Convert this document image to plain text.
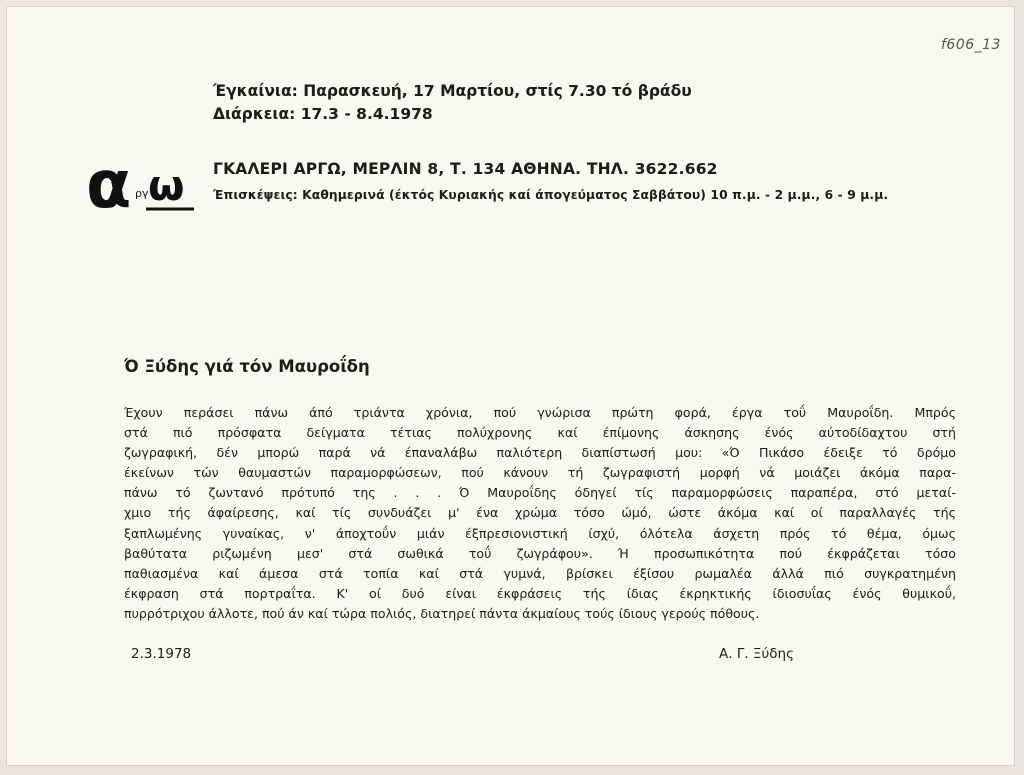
f606_13
Έγκαίνια: Παρασκευή, 17 Μαρτίου, στίς 7.30 τό βράδυ
Διάρκεια: 17.3 - 8.4.1978
α ργ ω ΓΚΑΛΕΡΙ ΑΡΓΩ, ΜΕΡΛΙΝ 8, Τ. 134 ΑΘΗΝΑ. ΤΗΛ. 3622.662
Έπισκέψεις: Καθημερινά (έκτός Κυριακής καί άπογεύματος Σαββάτου) 10 π.μ. - 2 μ.μ., 6 - 9 μ.μ.
Ό Ξύδης γιά τόν Μαυροΐδη

Έχουν περάσει πάνω άπό τριάντα χρόνια, πού γνώρισα πρώτη φορά, έργα τοΰ Μαυροΐδη. Μπρός
στά πιό πρόσφατα δείγματα τέτιας πολύχρονης καί έπίμονης άσκησης ένός αύτοδίδαχτου στή
ζωγραφική, δέν μπορώ παρά νά έπαναλάβω παλιότερη διαπίστωσή μου: «Ό Πικάσο έδειξε τό δρόμο
έκείνων τών θαυμαστών παραμορφώσεων, πού κάνουν τή ζωγραφιστή μορφή νά μοιάζει άκόμα παρα-
πάνω τό ζωντανό πρότυπό της . . . Ό Μαυροΐδης όδηγεί τίς παραμορφώσεις παραπέρα, στό μεταί-
χμιο τής άφαίρεσης, καί τίς συνδυάζει μ' ένα χρώμα τόσο ώμό, ώστε άκόμα καί οί παραλλαγές τής
ξαπλωμένης γυναίκας, ν' άποχτοΰν μιάν έξπρεσιονιστική ίσχύ, όλότελα άσχετη πρός τό θέμα, όμως
βαθύτατα ριζωμένη μεσ' στά σωθικά τοΰ ζωγράφου». Ή προσωπικότητα πού έκφράζεται τόσο
παθιασμένα καί άμεσα στά τοπία καί στά γυμνά, βρίσκει έξίσου ρωμαλέα άλλά πιό συγκρατημένη
έκφραση στά πορτραΐτα. Κ' οί δυό είναι έκφράσεις τής ίδιας έκρηκτικής ίδιοσυΐας ένός θυμικοΰ,
πυρρότριχου άλλοτε, πού άν καί τώρα πολιός, διατηρεί πάντα άκμαίους τούς ίδιους γερούς πόθους.

2.3.1978	Α. Γ. Ξύδης
